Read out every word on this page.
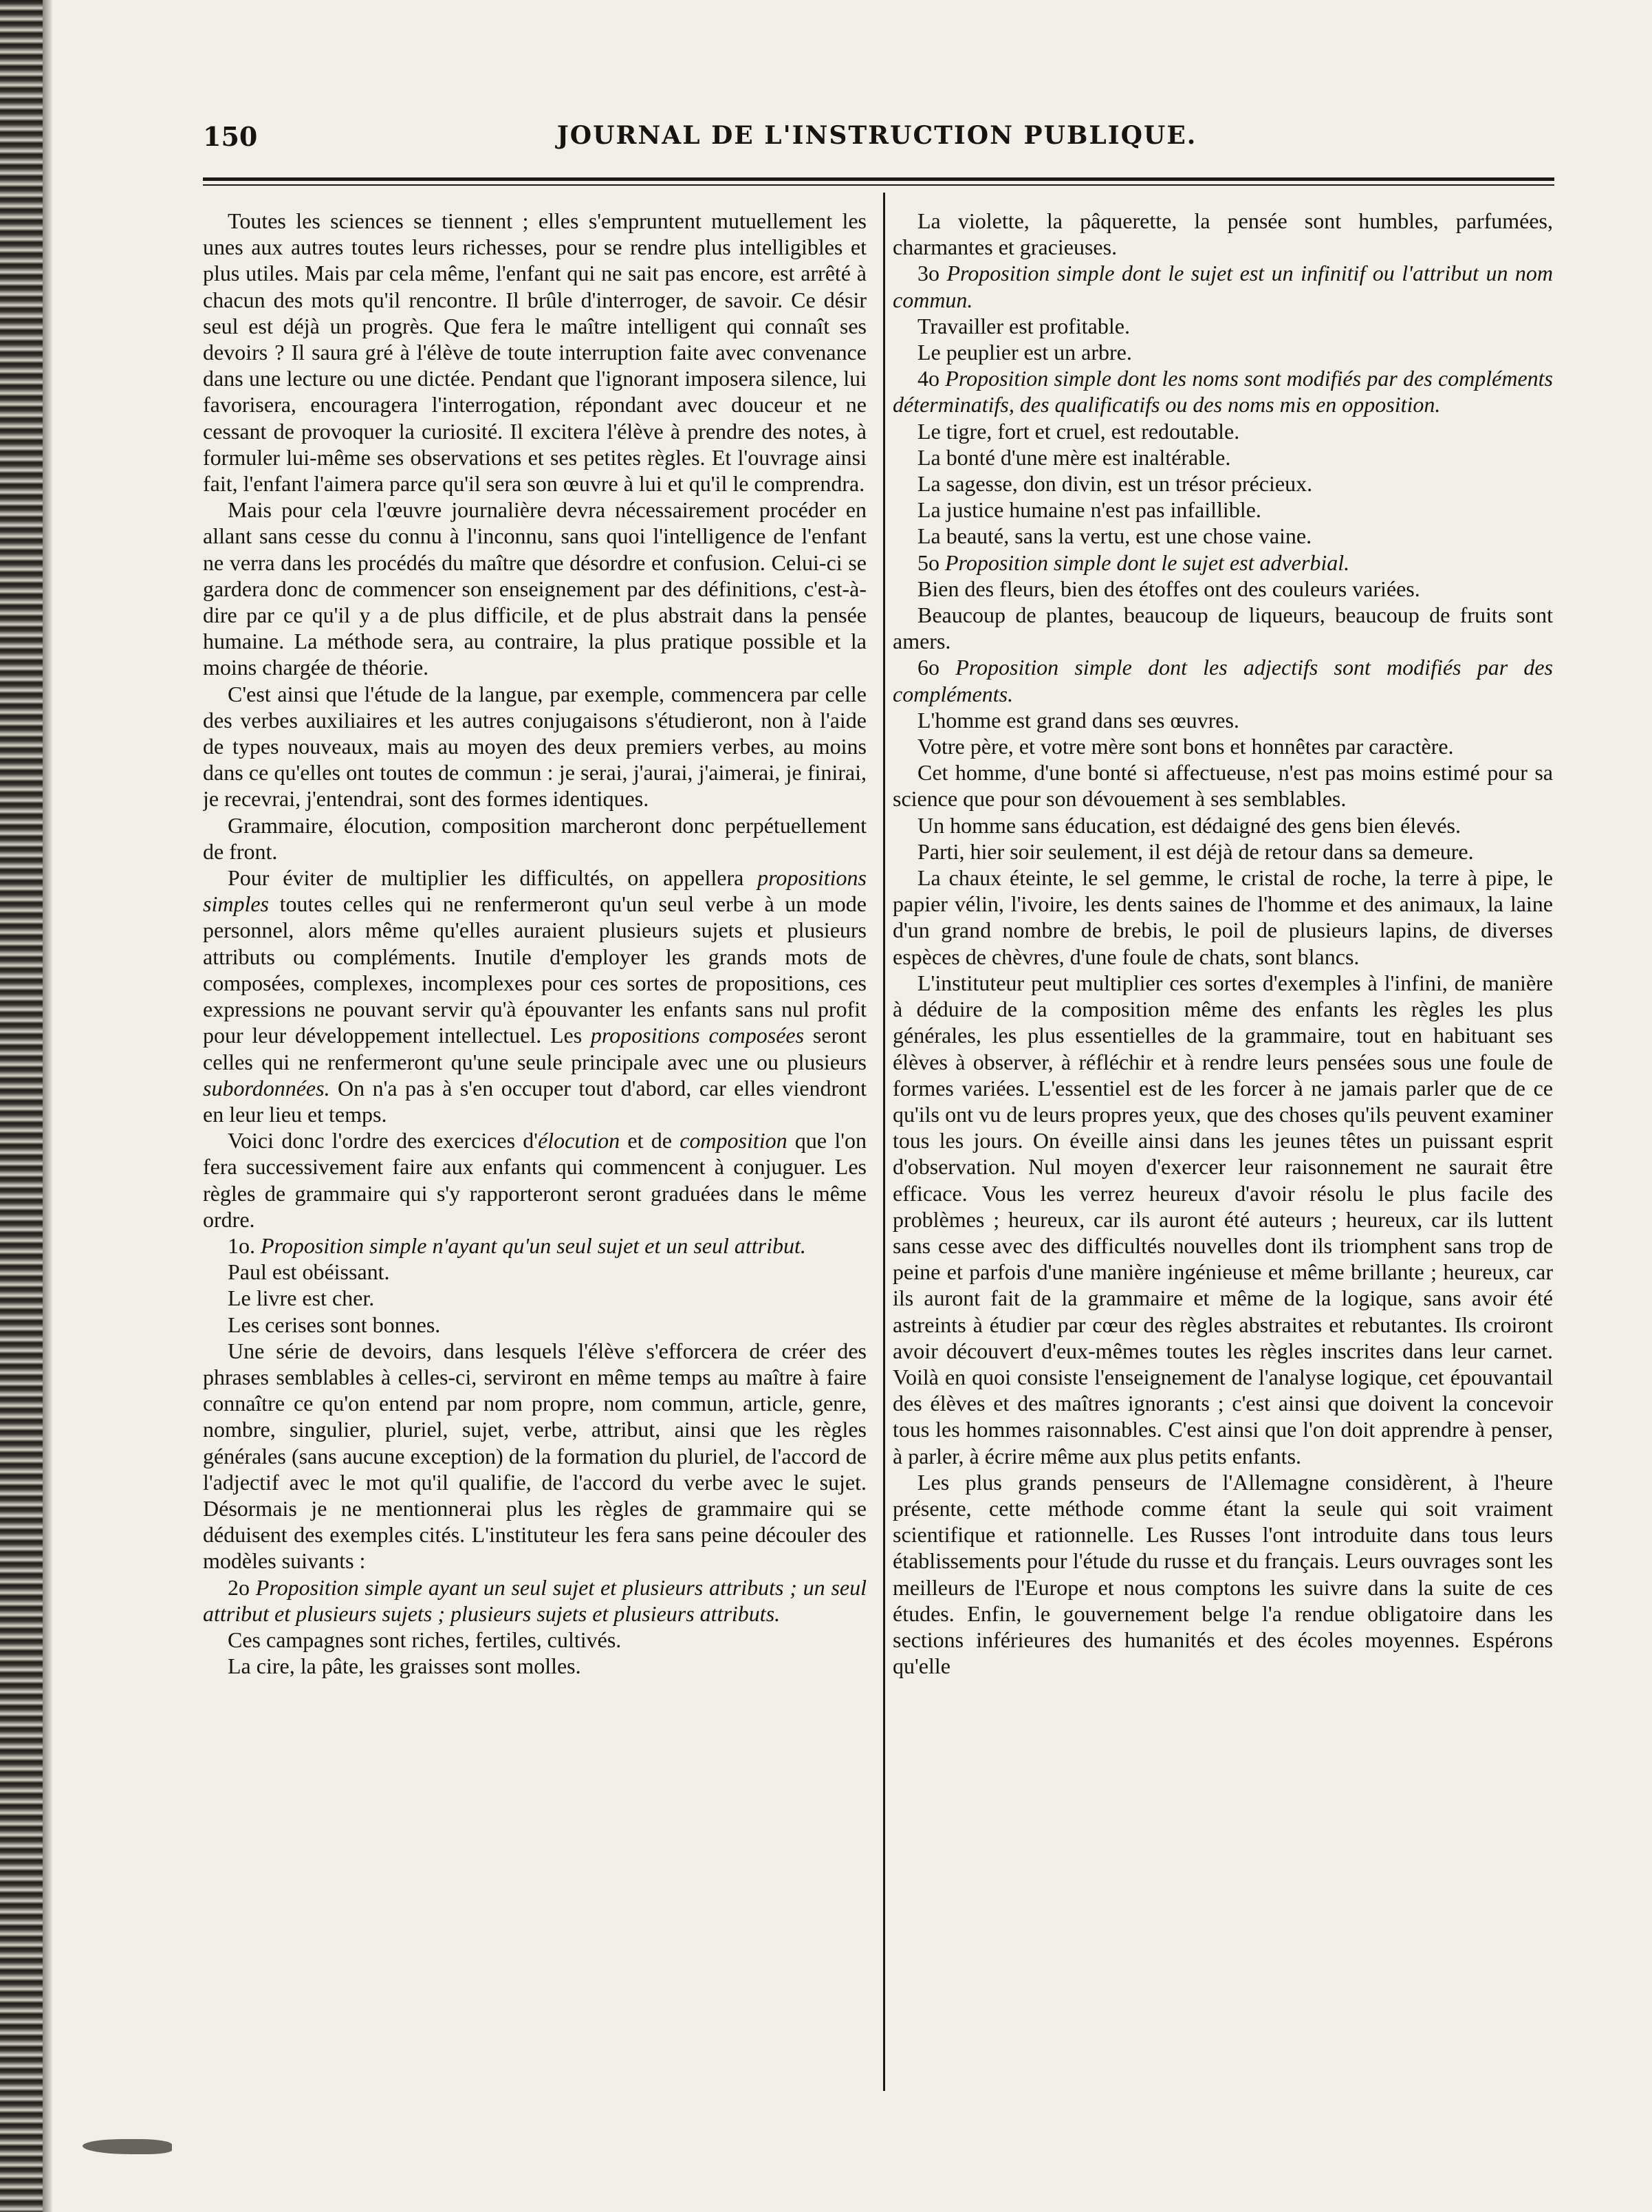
150	JOURNAL DE L'INSTRUCTION PUBLIQUE.

Toutes les sciences se tiennent ; elles s'empruntent mutuellement les unes aux autres toutes leurs richesses, pour se rendre plus intelligibles et plus utiles. Mais par cela même, l'enfant qui ne sait pas encore, est arrêté à chacun des mots qu'il rencontre. Il brûle d'interroger, de savoir. Ce désir seul est déjà un progrès. Que fera le maître intelligent qui connaît ses devoirs ? Il saura gré à l'élève de toute interruption faite avec convenance dans une lecture ou une dictée. Pendant que l'ignorant imposera silence, lui favorisera, encouragera l'interrogation, répondant avec douceur et ne cessant de provoquer la curiosité. Il excitera l'élève à prendre des notes, à formuler lui-même ses observations et ses petites règles. Et l'ouvrage ainsi fait, l'enfant l'aimera parce qu'il sera son œuvre à lui et qu'il le comprendra.

Mais pour cela l'œuvre journalière devra nécessairement procéder en allant sans cesse du connu à l'inconnu, sans quoi l'intelligence de l'enfant ne verra dans les procédés du maître que désordre et confusion. Celui-ci se gardera donc de commencer son enseignement par des définitions, c'est-à-dire par ce qu'il y a de plus difficile, et de plus abstrait dans la pensée humaine. La méthode sera, au contraire, la plus pratique possible et la moins chargée de théorie.

C'est ainsi que l'étude de la langue, par exemple, commencera par celle des verbes auxiliaires et les autres conjugaisons s'étudieront, non à l'aide de types nouveaux, mais au moyen des deux premiers verbes, au moins dans ce qu'elles ont toutes de commun : je serai, j'aurai, j'aimerai, je finirai, je recevrai, j'entendrai, sont des formes identiques.

Grammaire, élocution, composition marcheront donc perpétuellement de front.

Pour éviter de multiplier les difficultés, on appellera propositions simples toutes celles qui ne renfermeront qu'un seul verbe à un mode personnel, alors même qu'elles auraient plusieurs sujets et plusieurs attributs ou compléments. Inutile d'employer les grands mots de composées, complexes, incomplexes pour ces sortes de propositions, ces expressions ne pouvant servir qu'à épouvanter les enfants sans nul profit pour leur développement intellectuel. Les propositions composées seront celles qui ne renfermeront qu'une seule principale avec une ou plusieurs subordonnées. On n'a pas à s'en occuper tout d'abord, car elles viendront en leur lieu et temps.

Voici donc l'ordre des exercices d'élocution et de composition que l'on fera successivement faire aux enfants qui commencent à conjuguer. Les règles de grammaire qui s'y rapporteront seront graduées dans le même ordre.

1o. Proposition simple n'ayant qu'un seul sujet et un seul attribut.

Paul est obéissant.

Le livre est cher.

Les cerises sont bonnes.

Une série de devoirs, dans lesquels l'élève s'efforcera de créer des phrases semblables à celles-ci, serviront en même temps au maître à faire connaître ce qu'on entend par nom propre, nom commun, article, genre, nombre, singulier, pluriel, sujet, verbe, attribut, ainsi que les règles générales (sans aucune exception) de la formation du pluriel, de l'accord de l'adjectif avec le mot qu'il qualifie, de l'accord du verbe avec le sujet. Désormais je ne mentionnerai plus les règles de grammaire qui se déduisent des exemples cités. L'instituteur les fera sans peine découler des modèles suivants :

2o Proposition simple ayant un seul sujet et plusieurs attributs ; un seul attribut et plusieurs sujets ; plusieurs sujets et plusieurs attributs.

Ces campagnes sont riches, fertiles, cultivés.

La cire, la pâte, les graisses sont molles.

La violette, la pâquerette, la pensée sont humbles, parfumées, charmantes et gracieuses.

3o Proposition simple dont le sujet est un infinitif ou l'attribut un nom commun.

Travailler est profitable.

Le peuplier est un arbre.

4o Proposition simple dont les noms sont modifiés par des compléments déterminatifs, des qualificatifs ou des noms mis en opposition.

Le tigre, fort et cruel, est redoutable.

La bonté d'une mère est inaltérable.

La sagesse, don divin, est un trésor précieux.

La justice humaine n'est pas infaillible.

La beauté, sans la vertu, est une chose vaine.

5o Proposition simple dont le sujet est adverbial.

Bien des fleurs, bien des étoffes ont des couleurs variées.

Beaucoup de plantes, beaucoup de liqueurs, beaucoup de fruits sont amers.

6o Proposition simple dont les adjectifs sont modifiés par des compléments.

L'homme est grand dans ses œuvres.

Votre père, et votre mère sont bons et honnêtes par caractère.

Cet homme, d'une bonté si affectueuse, n'est pas moins estimé pour sa science que pour son dévouement à ses semblables.

Un homme sans éducation, est dédaigné des gens bien élevés.

Parti, hier soir seulement, il est déjà de retour dans sa demeure.

La chaux éteinte, le sel gemme, le cristal de roche, la terre à pipe, le papier vélin, l'ivoire, les dents saines de l'homme et des animaux, la laine d'un grand nombre de brebis, le poil de plusieurs lapins, de diverses espèces de chèvres, d'une foule de chats, sont blancs.

L'instituteur peut multiplier ces sortes d'exemples à l'infini, de manière à déduire de la composition même des enfants les règles les plus générales, les plus essentielles de la grammaire, tout en habituant ses élèves à observer, à réfléchir et à rendre leurs pensées sous une foule de formes variées. L'essentiel est de les forcer à ne jamais parler que de ce qu'ils ont vu de leurs propres yeux, que des choses qu'ils peuvent examiner tous les jours. On éveille ainsi dans les jeunes têtes un puissant esprit d'observation. Nul moyen d'exercer leur raisonnement ne saurait être efficace. Vous les verrez heureux d'avoir résolu le plus facile des problèmes ; heureux, car ils auront été auteurs ; heureux, car ils luttent sans cesse avec des difficultés nouvelles dont ils triomphent sans trop de peine et parfois d'une manière ingénieuse et même brillante ; heureux, car ils auront fait de la grammaire et même de la logique, sans avoir été astreints à étudier par cœur des règles abstraites et rebutantes. Ils croiront avoir découvert d'eux-mêmes toutes les règles inscrites dans leur carnet. Voilà en quoi consiste l'enseignement de l'analyse logique, cet épouvantail des élèves et des maîtres ignorants ; c'est ainsi que doivent la concevoir tous les hommes raisonnables. C'est ainsi que l'on doit apprendre à penser, à parler, à écrire même aux plus petits enfants.

Les plus grands penseurs de l'Allemagne considèrent, à l'heure présente, cette méthode comme étant la seule qui soit vraiment scientifique et rationnelle. Les Russes l'ont introduite dans tous leurs établissements pour l'étude du russe et du français. Leurs ouvrages sont les meilleurs de l'Europe et nous comptons les suivre dans la suite de ces études. Enfin, le gouvernement belge l'a rendue obligatoire dans les sections inférieures des humanités et des écoles moyennes. Espérons qu'elle
